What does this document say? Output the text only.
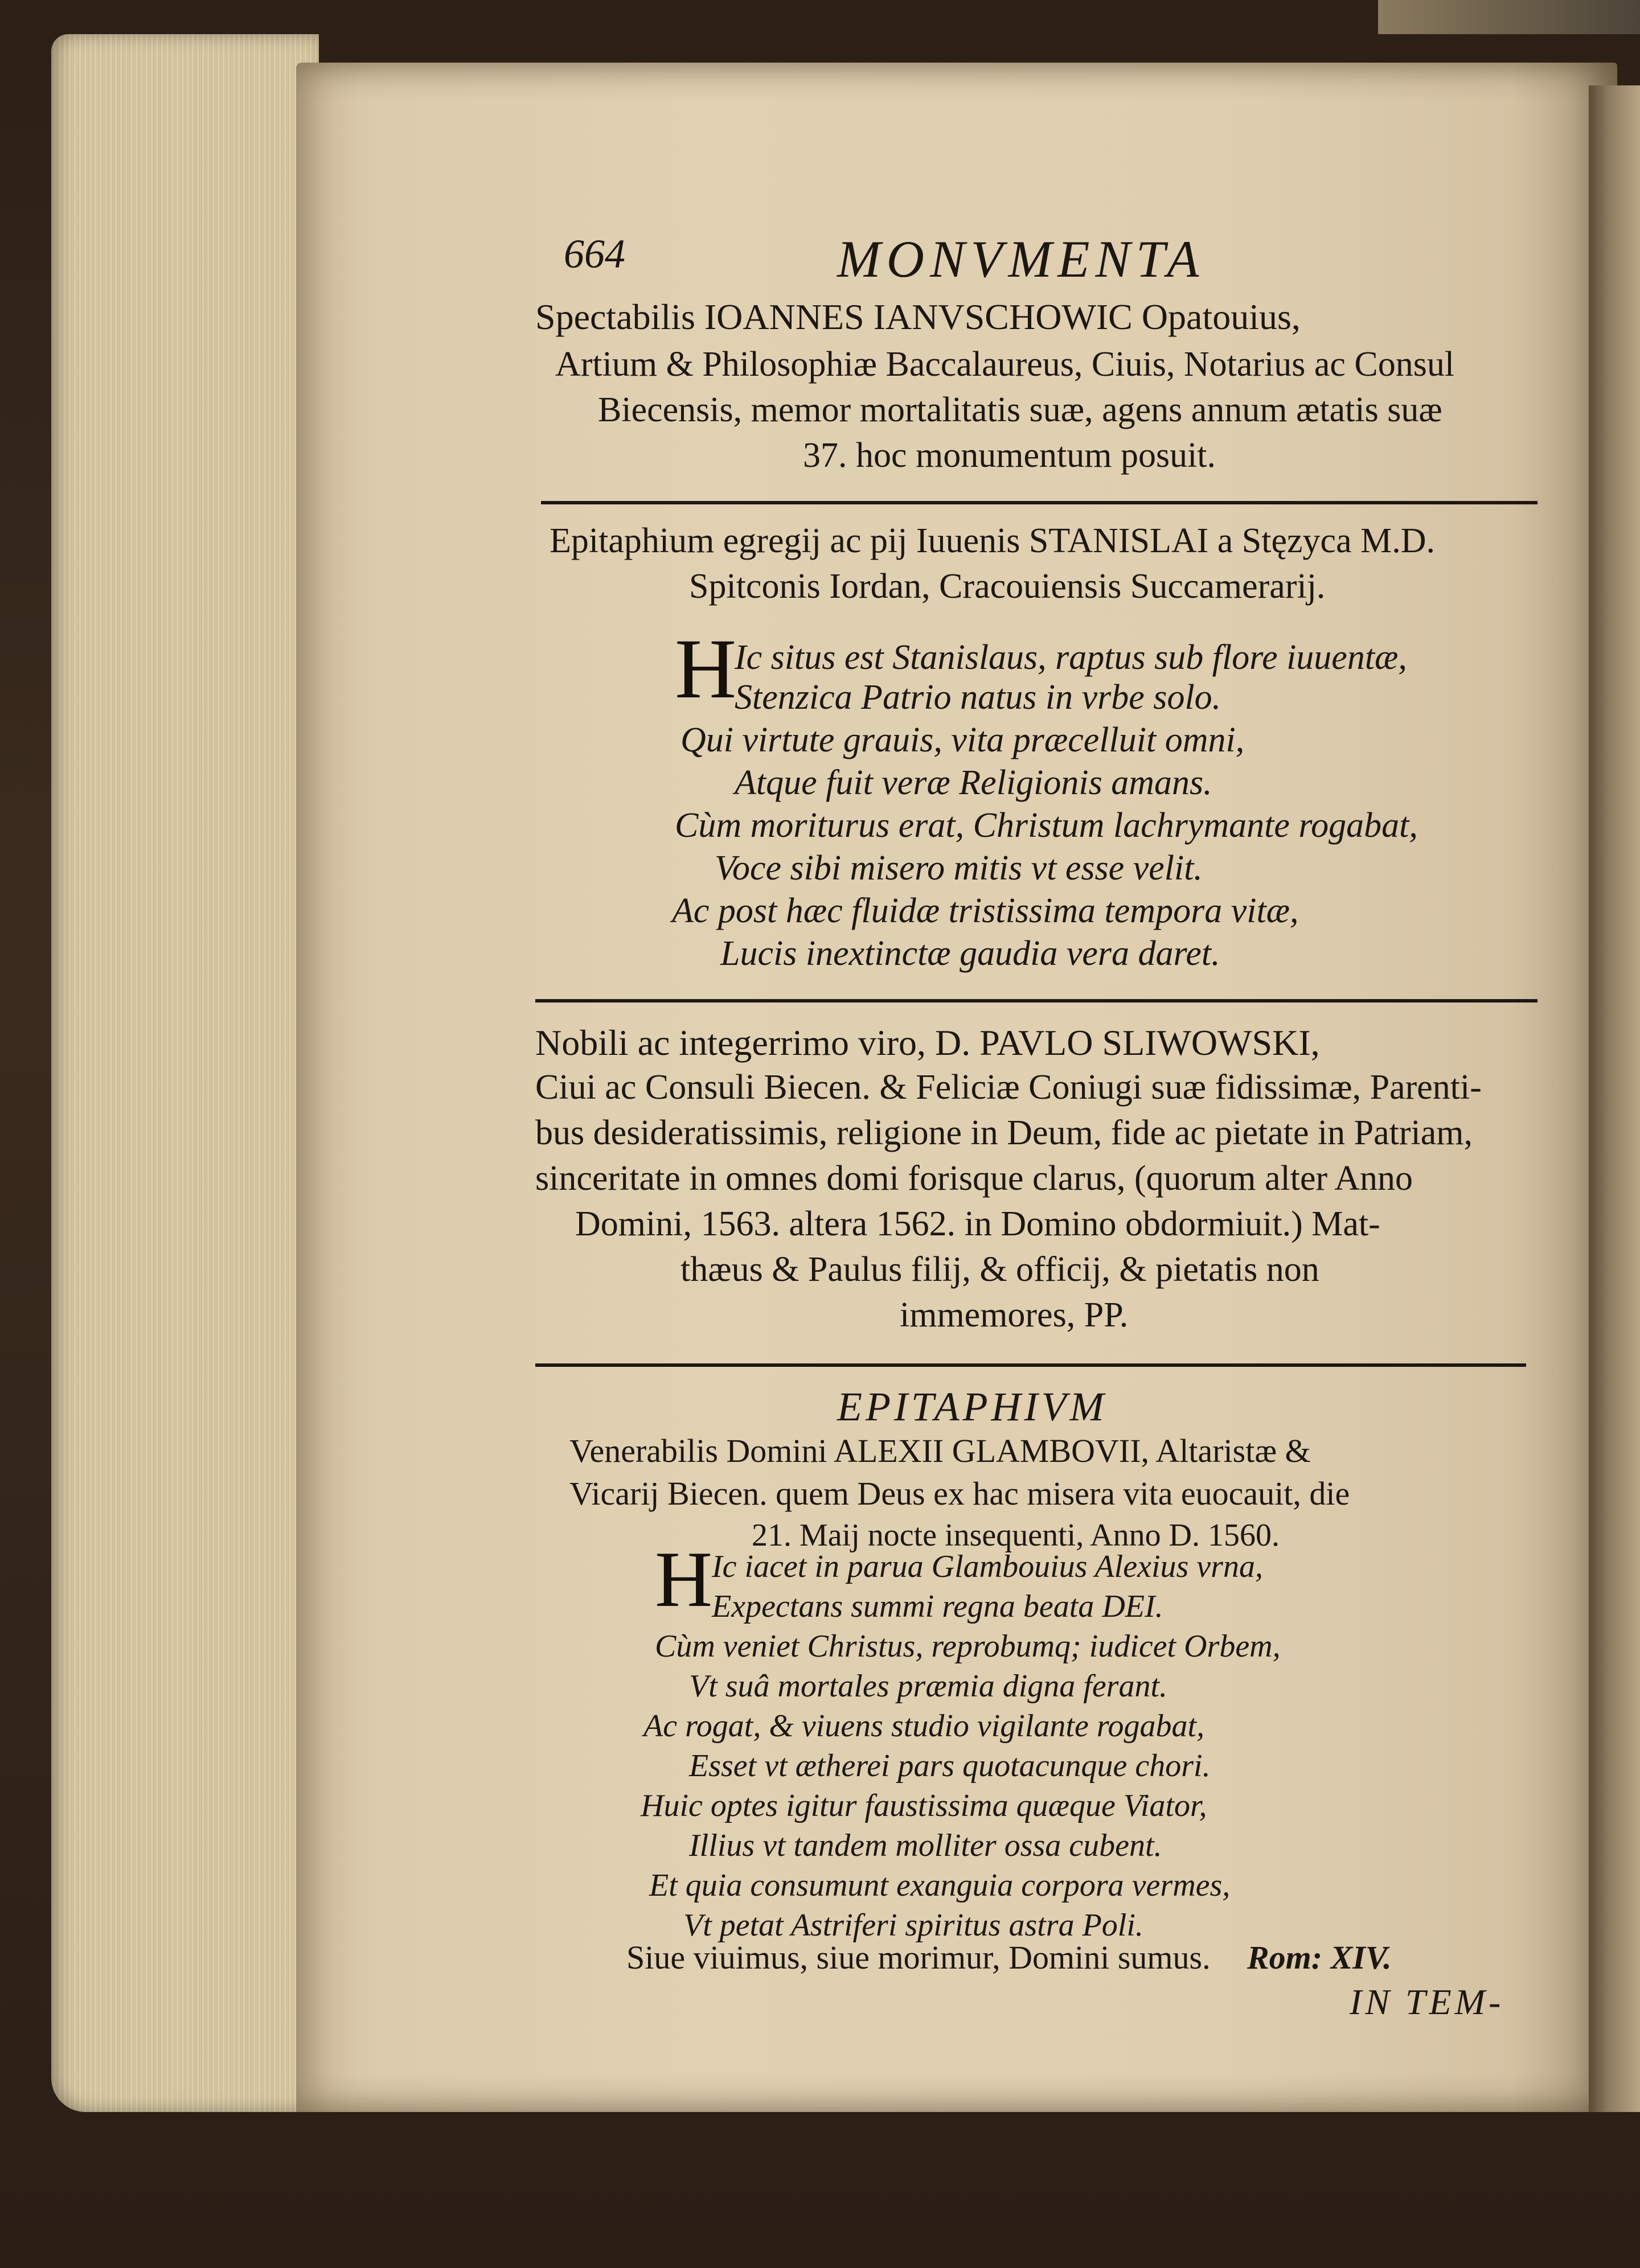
664	MONVMENTA
Spectabilis IOANNES IANVSCHOWIC Opatouius,
Artium & Philosophiæ Baccalaureus, Ciuis, Notarius ac Consul
Biecensis, memor mortalitatis suæ, agens annum ætatis suæ
37. hoc monumentum posuit.
Epitaphium egregij ac pij Iuuenis STANISLAI a Stęzyca M.D.
Spitconis Iordan, Cracouiensis Succamerarij.
H
Ic situs est Stanislaus, raptus sub flore iuuentæ,
Stenzica Patrio natus in vrbe solo.
Qui virtute grauis, vita præcelluit omni,
Atque fuit veræ Religionis amans.
Cùm moriturus erat, Christum lachrymante rogabat,
Voce sibi misero mitis vt esse velit.
Ac post hæc fluidæ tristissima tempora vitæ,
Lucis inextinctæ gaudia vera daret.
Nobili ac integerrimo viro, D. PAVLO SLIWOWSKI,
Ciui ac Consuli Biecen. & Feliciæ Coniugi suæ fidissimæ, Parenti-
bus desideratissimis, religione in Deum, fide ac pietate in Patriam,
sinceritate in omnes domi forisque clarus, (quorum alter Anno
Domini, 1563. altera 1562. in Domino obdormiuit.) Mat-
thæus & Paulus filij, & officij, & pietatis non
immemores, PP.
EPITAPHIVM
Venerabilis Domini ALEXII GLAMBOVII, Altaristæ &
Vicarij Biecen. quem Deus ex hac misera vita euocauit, die
21. Maij nocte insequenti, Anno D. 1560.
H
Ic iacet in parua Glambouius Alexius vrna,
Expectans summi regna beata DEI.
Cùm veniet Christus, reprobumq; iudicet Orbem,
Vt suâ mortales præmia digna ferant.
Ac rogat, & viuens studio vigilante rogabat,
Esset vt ætherei pars quotacunque chori.
Huic optes igitur faustissima quæque Viator,
Illius vt tandem molliter ossa cubent.
Et quia consumunt exanguia corpora vermes,
Vt petat Astriferi spiritus astra Poli.
Siue viuimus, siue morimur, Domini sumus. Rom: XIV.
IN TEM-
